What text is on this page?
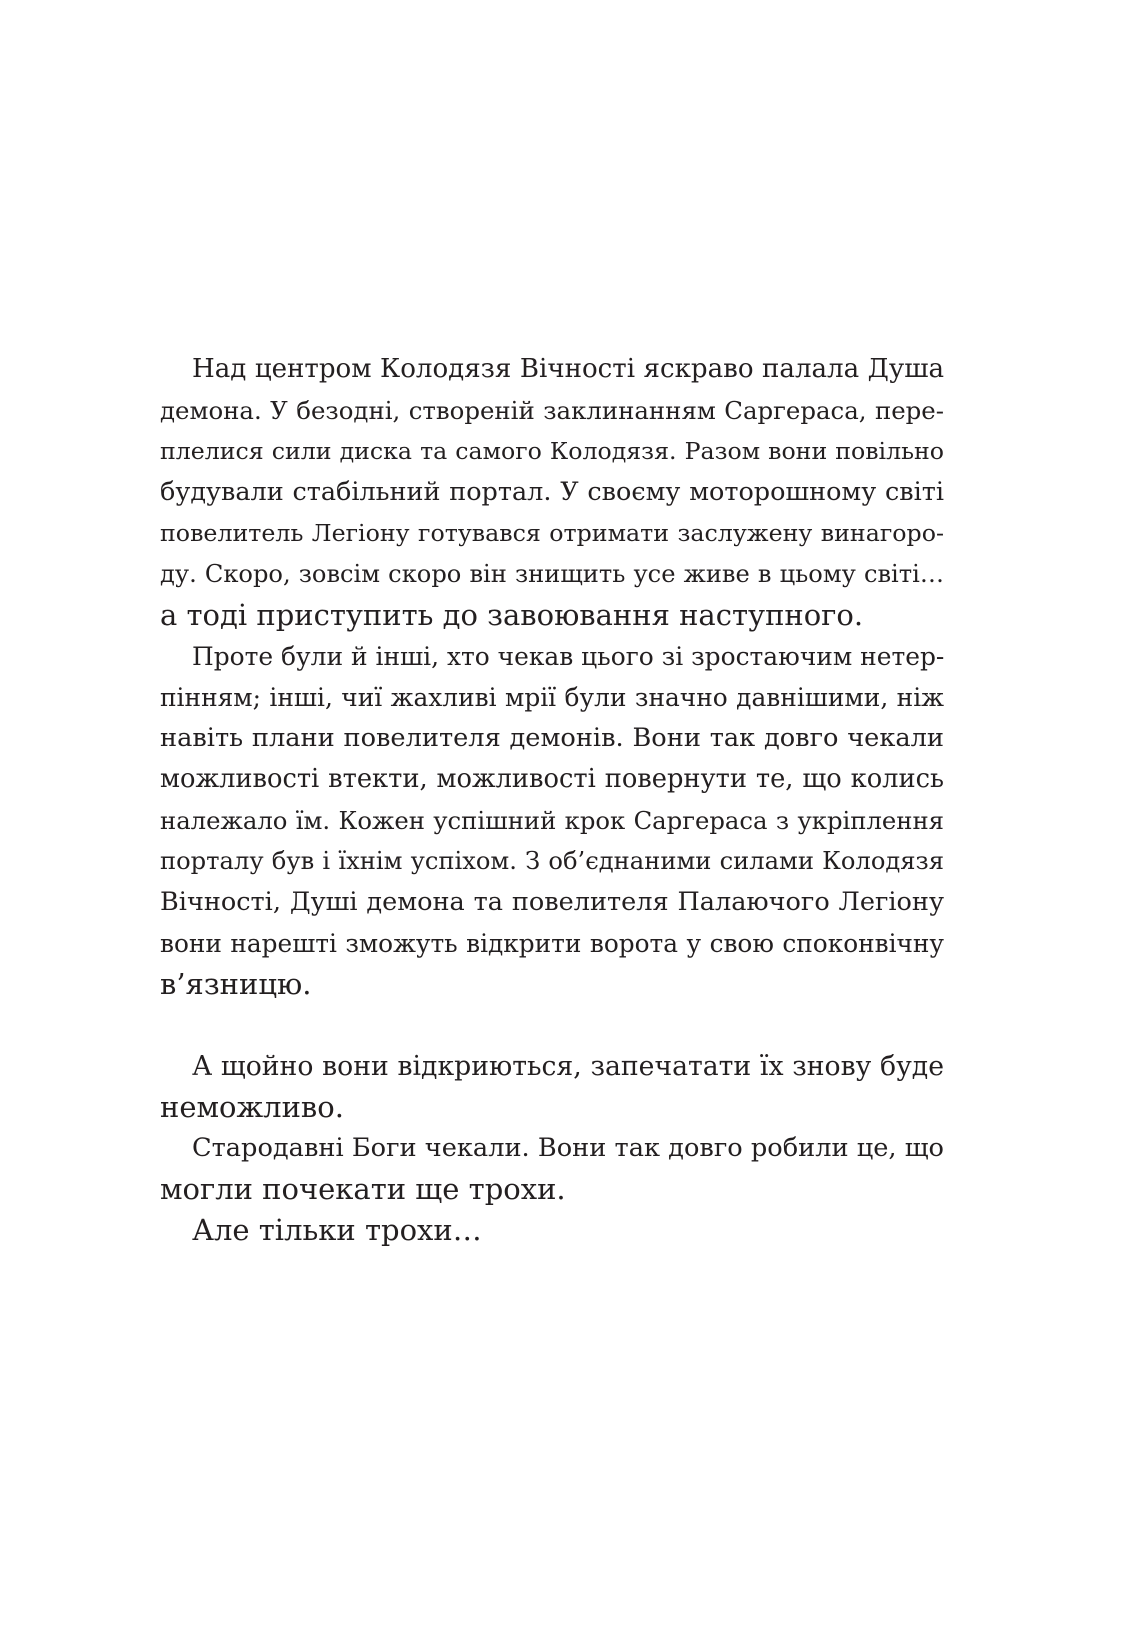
Над центром Колодязя Вічності яскраво палала Душа
демона. У безодні, створеній заклинанням Саргераса, пере-
плелися сили диска та самого Колодязя. Разом вони повільно
будували стабільний портал. У своєму моторошному світі
повелитель Легіону готувався отримати заслужену винагоро-
ду. Скоро, зовсім скоро він знищить усе живе в цьому світі…
а тоді приступить до завоювання наступного.

Проте були й інші, хто чекав цього зі зростаючим нетер-
пінням; інші, чиї жахливі мрії були значно давнішими, ніж
навіть плани повелителя демонів. Вони так довго чекали
можливості втекти, можливості повернути те, що колись
належало їм. Кожен успішний крок Саргераса з укріплення
порталу був і їхнім успіхом. З об’єднаними силами Колодязя
Вічності, Душі демона та повелителя Палаючого Легіону
вони нарешті зможуть відкрити ворота у свою споконвічну
в’язницю.

А щойно вони відкриються, запечатати їх знову буде
неможливо.

Стародавні Боги чекали. Вони так довго робили це, що
могли почекати ще трохи.

Але тільки трохи…
